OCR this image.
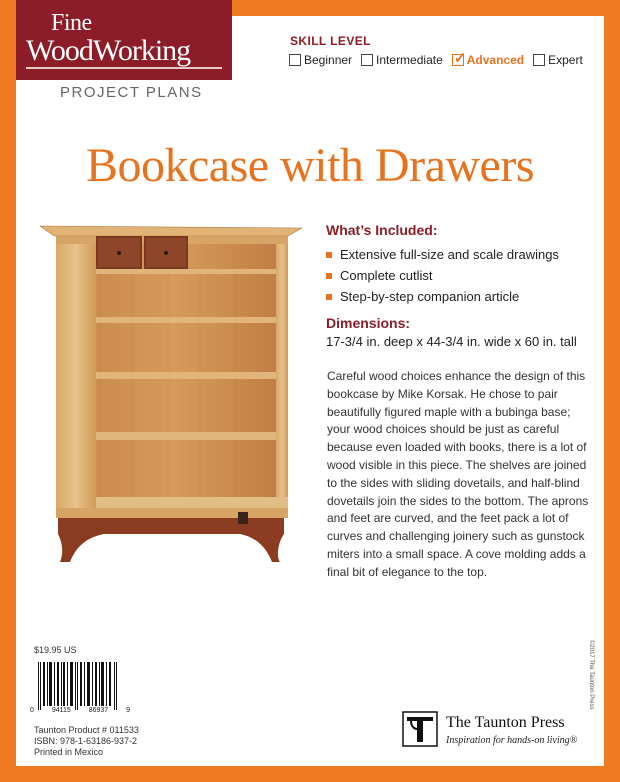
Fine
WoodWorking
PROJECT PLANS
SKILL LEVEL
Beginner Intermediate ✓ Advanced Expert
Bookcase with Drawers
What’s Included:
Extensive full-size and scale drawings
Complete cutlist
Step-by-step companion article
Dimensions:
17-3/4 in. deep x 44-3/4 in. wide x 60 in. tall

Careful wood choices enhance the design of this bookcase by Mike Korsak. He chose to pair beautifully figured maple with a bubinga base; your wood choices should be just as careful because even loaded with books, there is a lot of wood visible in this piece. The shelves are joined to the sides with sliding dovetails, and half-blind dovetails join the sides to the bottom. The aprons and feet are curved, and the feet pack a lot of curves and challenging joinery such as gunstock miters into a small space. A cove molding adds a final bit of elegance to the top.

$19.95 US
0	94115	86937	9
Taunton Product # 011533
ISBN: 978-1-63186-937-2
Printed in Mexico
©2017 The Taunton Press
The Taunton Press
Inspiration for hands-on living®
